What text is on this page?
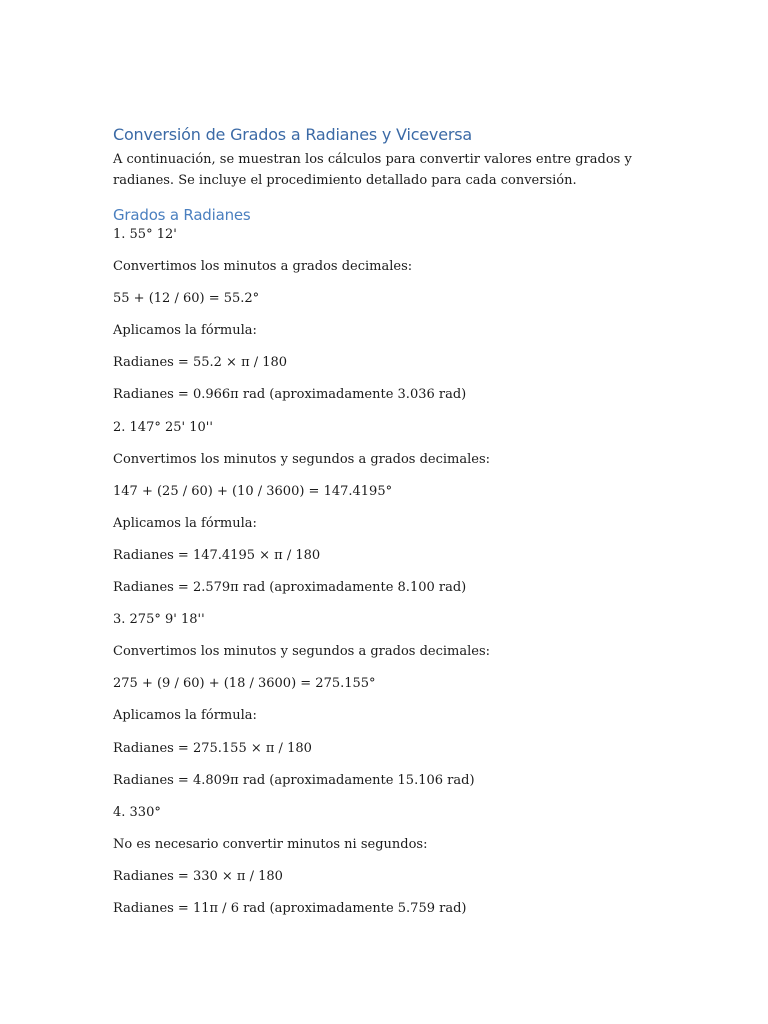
Conversión de Grados a Radianes y Viceversa

A continuación, se muestran los cálculos para convertir valores entre grados y radianes. Se incluye el procedimiento detallado para cada conversión.

Grados a Radianes

1. 55° 12'

Convertimos los minutos a grados decimales:

55 + (12 / 60) = 55.2°

Aplicamos la fórmula:

Radianes = 55.2 × π / 180

Radianes = 0.966π rad (aproximadamente 3.036 rad)

2. 147° 25' 10''

Convertimos los minutos y segundos a grados decimales:

147 + (25 / 60) + (10 / 3600) = 147.4195°

Aplicamos la fórmula:

Radianes = 147.4195 × π / 180

Radianes = 2.579π rad (aproximadamente 8.100 rad)

3. 275° 9' 18''

Convertimos los minutos y segundos a grados decimales:

275 + (9 / 60) + (18 / 3600) = 275.155°

Aplicamos la fórmula:

Radianes = 275.155 × π / 180

Radianes = 4.809π rad (aproximadamente 15.106 rad)

4. 330°

No es necesario convertir minutos ni segundos:

Radianes = 330 × π / 180

Radianes = 11π / 6 rad (aproximadamente 5.759 rad)
